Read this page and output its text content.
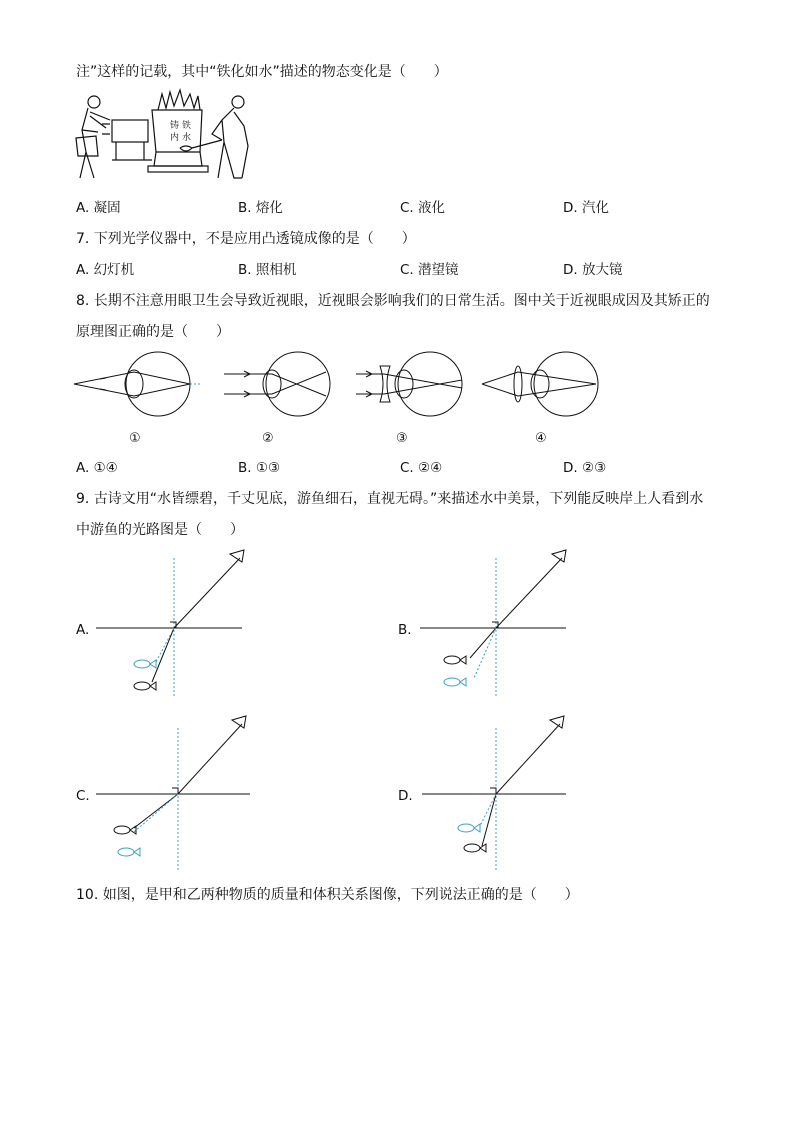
注”这样的记载，其中“铁化如水”描述的物态变化是（　　）
铸 铁
内 水
A. 凝固	B. 熔化	C. 液化	D. 汽化
7. 下列光学仪器中，不是应用凸透镜成像的是（　　）
A. 幻灯机	B. 照相机	C. 潜望镜	D. 放大镜
8. 长期不注意用眼卫生会导致近视眼，近视眼会影响我们的日常生活。图中关于近视眼成因及其矫正的
原理图正确的是（　　）
①	②	③	④
A. ①④	B. ①③	C. ②④	D. ②③
9. 古诗文用“水皆缥碧，千丈见底，游鱼细石，直视无碍。”来描述水中美景，下列能反映岸上人看到水
中游鱼的光路图是（　　）
A.	B.
C.	D.
10. 如图，是甲和乙两种物质的质量和体积关系图像，下列说法正确的是（　　）
